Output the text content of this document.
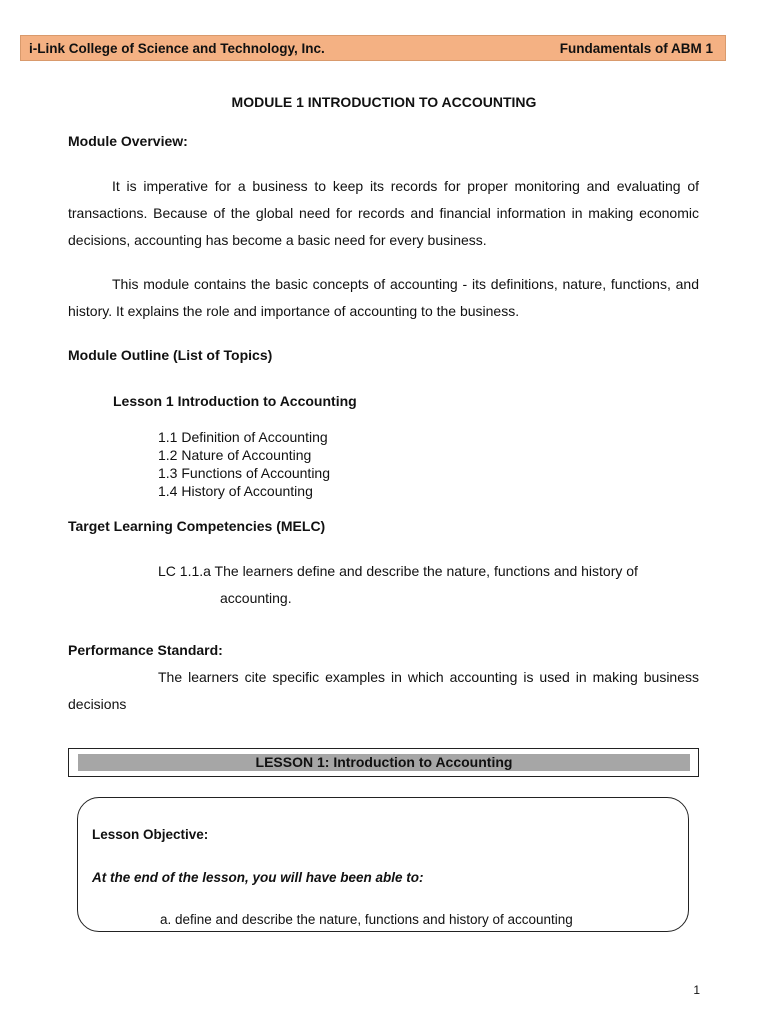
i-Link College of Science and Technology, Inc.	Fundamentals of ABM 1
MODULE 1 INTRODUCTION TO ACCOUNTING
Module Overview:
It is imperative for a business to keep its records for proper monitoring and evaluating of transactions. Because of the global need for records and financial information in making economic decisions, accounting has become a basic need for every business.
This module contains the basic concepts of accounting - its definitions, nature, functions, and history. It explains the role and importance of accounting to the business.
Module Outline (List of Topics)
Lesson 1 Introduction to Accounting
1.1 Definition of Accounting
1.2 Nature of Accounting
1.3 Functions of Accounting
1.4 History of Accounting
Target Learning Competencies (MELC)
LC 1.1.a The learners define and describe the nature, functions and history of
accounting.
Performance Standard:
The learners cite specific examples in which accounting is used in making business decisions
LESSON 1: Introduction to Accounting
Lesson Objective:
At the end of the lesson, you will have been able to:
a. define and describe the nature, functions and history of accounting
1
